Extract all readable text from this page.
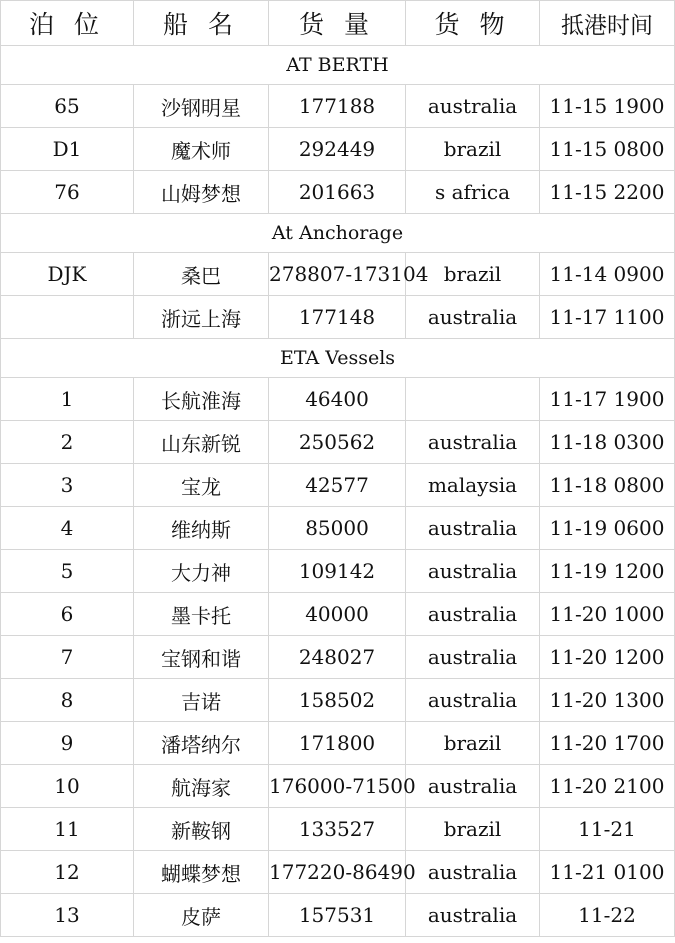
泊 位	船 名	货 量	货 物	抵港时间
AT BERTH				
65	沙钢明星	177188	australia	11-15 1900
D1	魔术师	292449	brazil	11-15 0800
76	山姆梦想	201663	s africa	11-15 2200
At Anchorage				
DJK	桑巴	278807-173104	brazil	11-14 0900
	浙远上海	177148	australia	11-17 1100
ETA Vessels				
1	长航淮海	46400		11-17 1900
2	山东新锐	250562	australia	11-18 0300
3	宝龙	42577	malaysia	11-18 0800
4	维纳斯	85000	australia	11-19 0600
5	大力神	109142	australia	11-19 1200
6	墨卡托	40000	australia	11-20 1000
7	宝钢和谐	248027	australia	11-20 1200
8	吉诺	158502	australia	11-20 1300
9	潘塔纳尔	171800	brazil	11-20 1700
10	航海家	176000-71500	australia	11-20 2100
11	新鞍钢	133527	brazil	11-21
12	蝴蝶梦想	177220-86490	australia	11-21 0100
13	皮萨	157531	australia	11-22
